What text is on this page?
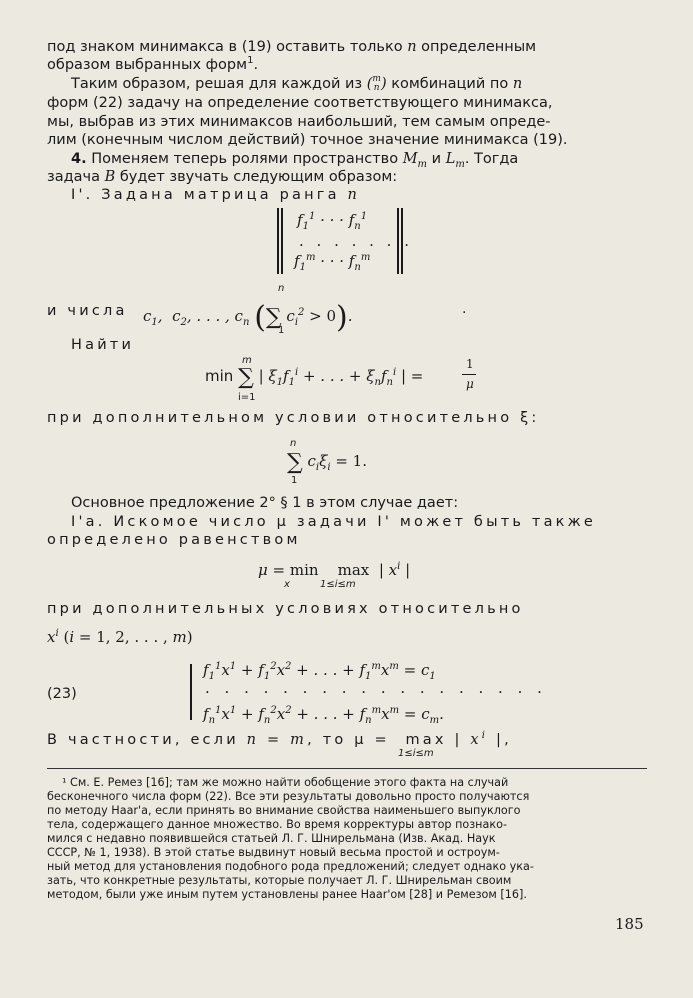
под знаком минимакса в (19) оставить только n определенным
образом выбранных форм$^1$.
Таким образом, решая для каждой из (m
n) комбинаций по n
форм (22) задачу на определение соответствующего минимакса,
мы, выбрав из этих минимаксов наибольший, тем самым опреде-
лим (конечным числом действий) точное значение минимакса (19).
4. Поменяем теперь ролями пространство $M_m$ и $L_m$. Тогда
задача B будет звучать следующим образом:
I'. Задана матрица ранга n
$f_1^1$ · · · $f_n^1$
· · · · · · ·
$f_1^m$ · · · $f_n^m$
и числа $c_1$,  $c_2$, . . . , $c_n$ (∑ $c_i^2 > 0$).
n
1
·
Найти
min ∑ | $\xi_1f_1^i$ + . . . + $\xi_nf_n^i$ | =
m
i=1
1
μ
при дополнительном условии относительно ξ:
∑ $c_i\xi_i = 1$.
n
1
Основное предложение 2° § 1 в этом случае дает:
I'a. Искомое число μ задачи I' может быть также
определено равенством
μ = min max | $x^i$ |
x	1≤i≤m
при дополнительных условиях относительно
$x^i$ (i = 1, 2, . . . , m)
(23)
$f_1^1x^1 + f_1^2x^2$ + . . . + $f_1^mx^m = c_1$
· · · · · · · · · · · · · · · · · ·
$f_n^1x^1 + f_n^2x^2$ + . . . + $f_n^mx^m = c_m$.
В частности, если n = m, то μ =  max | $x^i$ |,
1≤i≤m
¹ См. Е. Ремез [16]; там же можно найти обобщение этого факта на случай
бесконечного числа форм (22). Все эти результаты довольно просто получаются
по методу Haar'a, если принять во внимание свойства наименьшего выпуклого
тела, содержащего данное множество. Во время корректуры автор познако-
мился с недавно появившейся статьей Л. Г. Шнирельмана (Изв. Акад. Наук
СССР, № 1, 1938). В этой статье выдвинут новый весьма простой и остроум-
ный метод для установления подобного рода предложений; следует однако ука-
зать, что конкретные результаты, которые получает Л. Г. Шнирельман своим
методом, были уже иным путем установлены ранее Haar'ом [28] и Ремезом [16].
185
